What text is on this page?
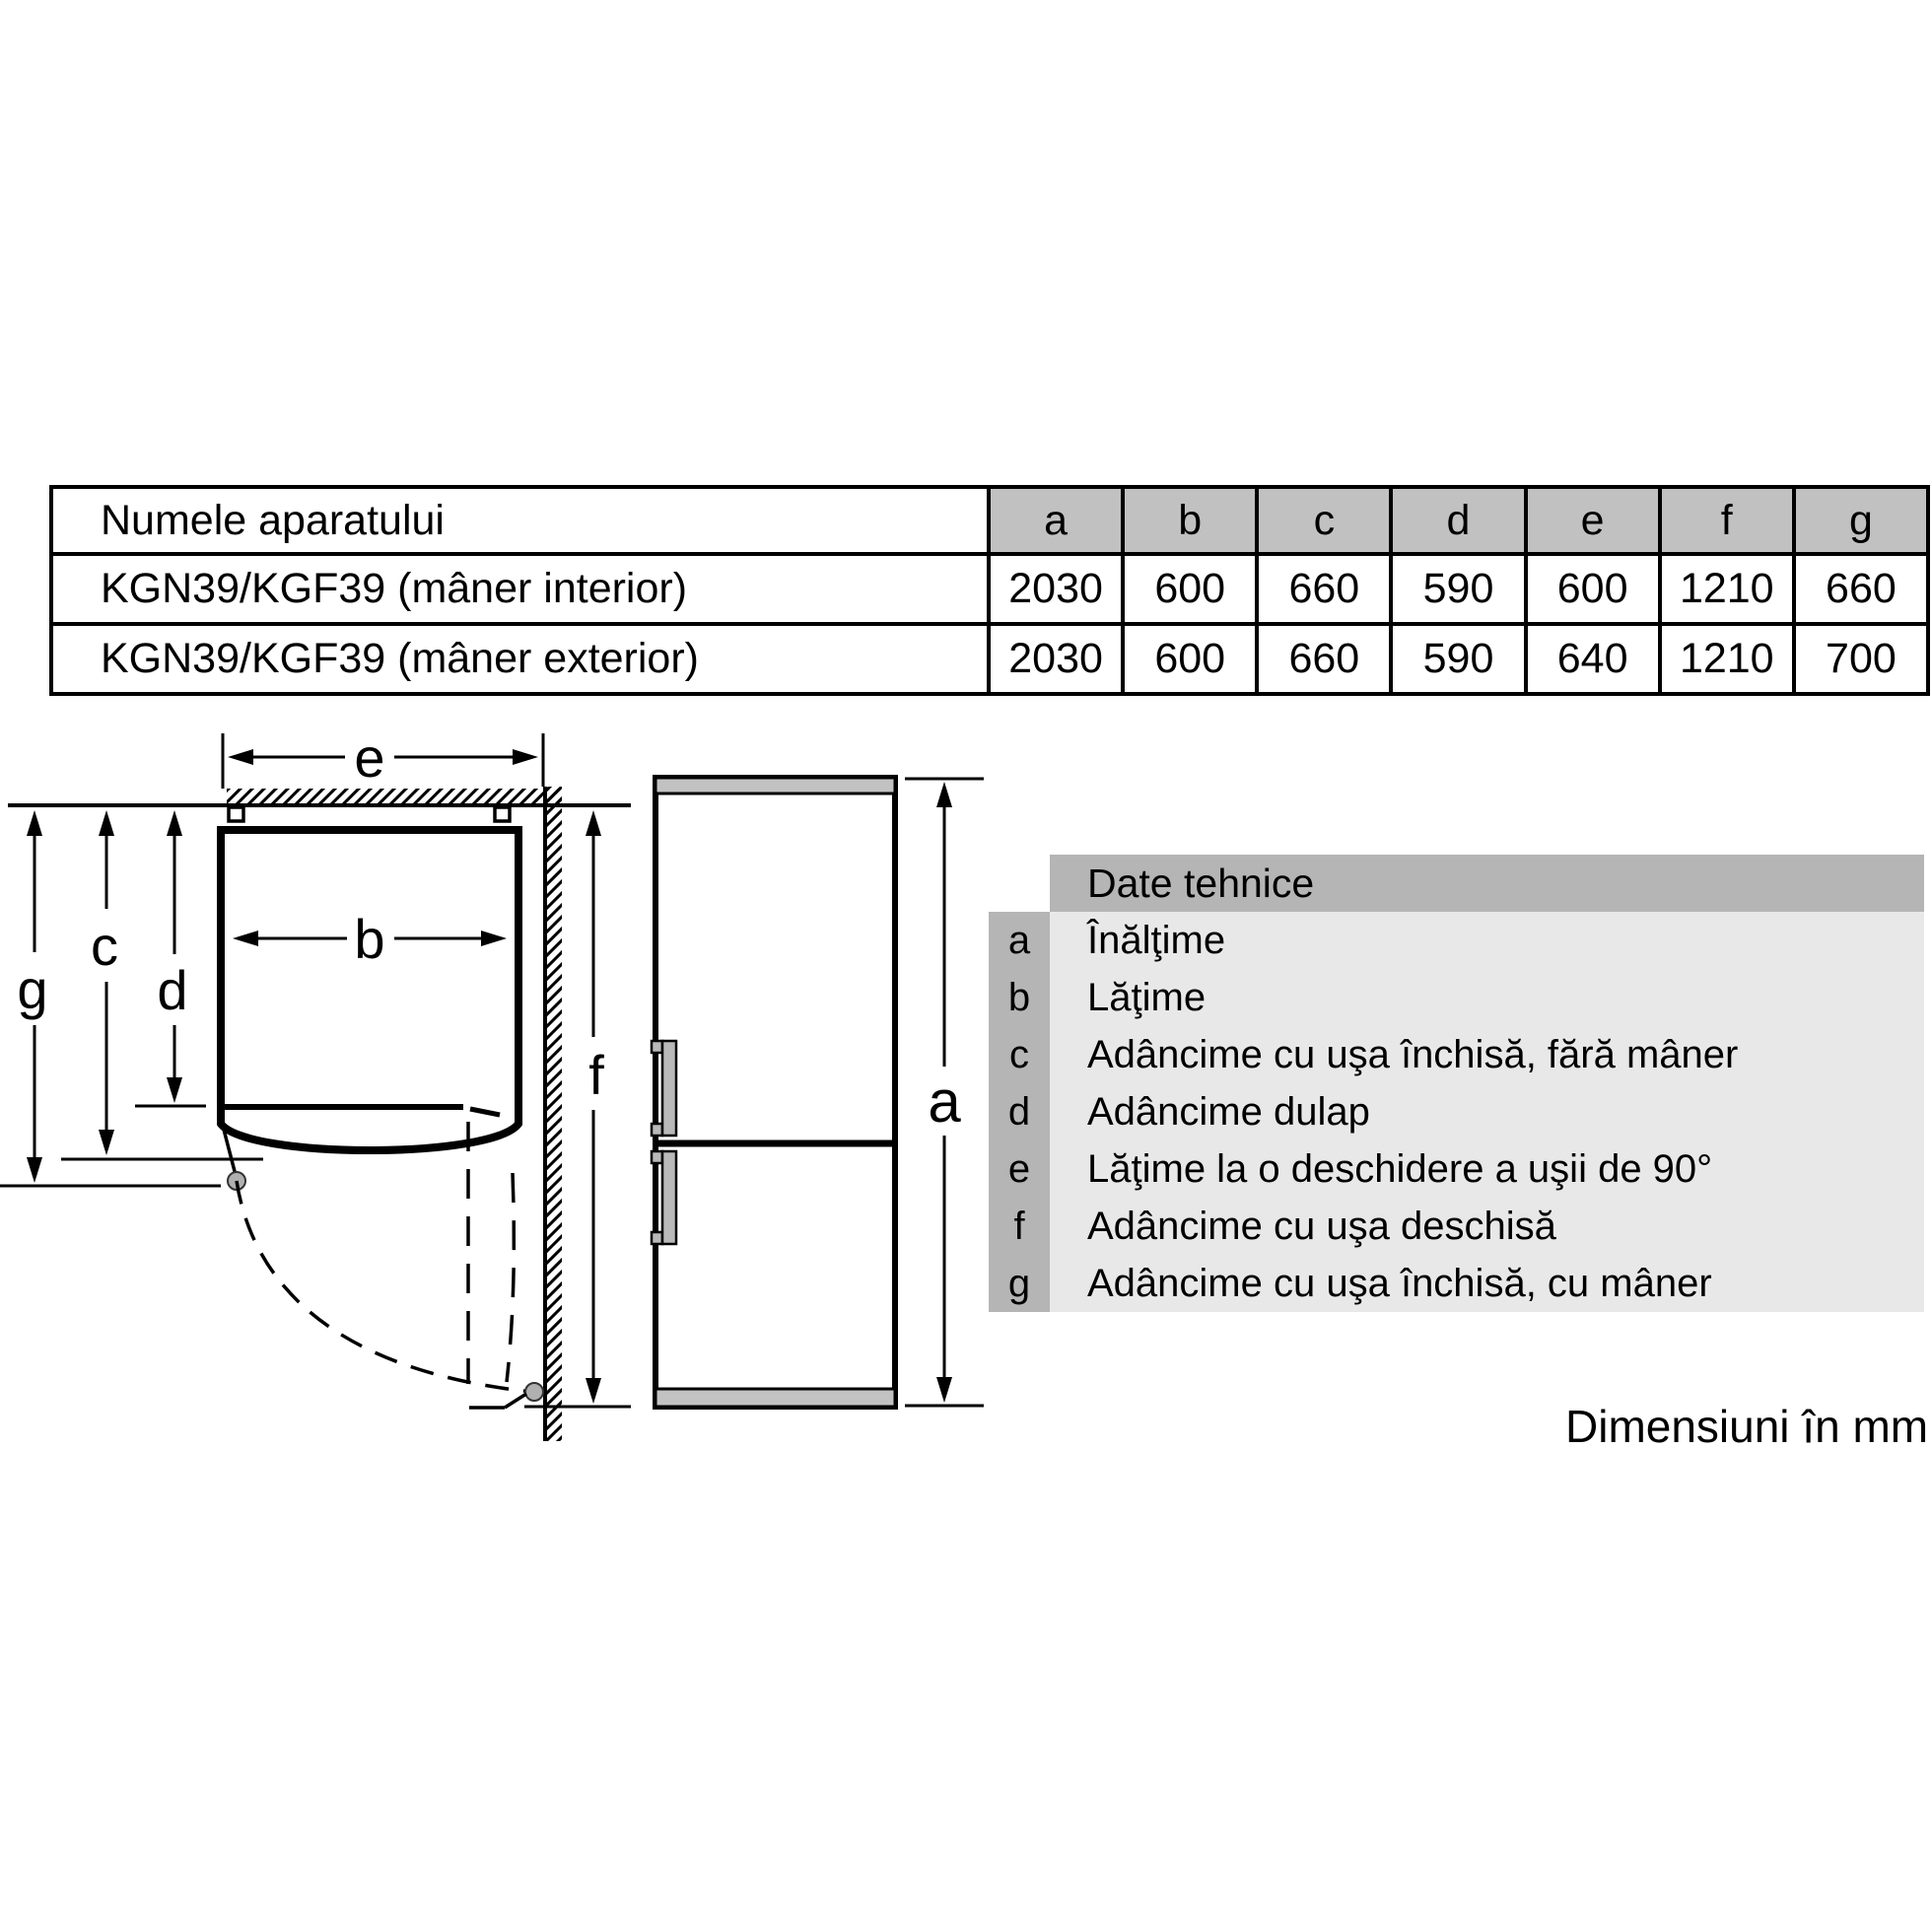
Numele aparatului	a	b	c	d	e	f	g
KGN39/KGF39 (mâner interior)	2030	600	660	590	600	1210	660
KGN39/KGF39 (mâner exterior)	2030	600	660	590	640	1210	700
e
b
g
c
d
f	a
Date tehnice
a	Înălţime
b	Lăţime
c	Adâncime cu uşa închisă, fără mâner
d	Adâncime dulap
e	Lăţime la o deschidere a uşii de 90°
f	Adâncime cu uşa deschisă
g	Adâncime cu uşa închisă, cu mâner
Dimensiuni în mm
